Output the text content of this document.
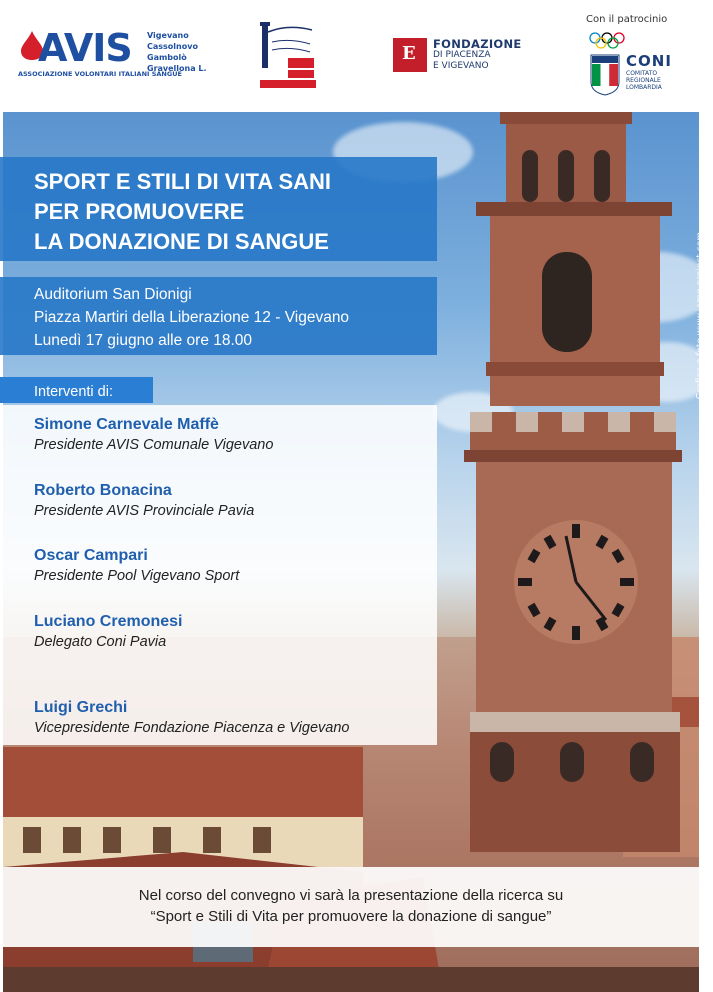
AVIS
ASSOCIAZIONE VOLONTARI ITALIANI SANGUE
Vigevano
Cassolnovo
Gambolò
Gravellona L.
E FONDAZIONE
DI PIACENZA
E VIGEVANO
Con il patrocinio
CONI
COMITATO
REGIONALE
LOMBARDIA
Grafica e foto www.iamg-project.com
SPORT E STILI DI VITA SANI
PER PROMUOVERE
LA DONAZIONE DI SANGUE
Auditorium San Dionigi
Piazza Martiri della Liberazione 12 - Vigevano
Lunedì 17 giugno alle ore 18.00
Interventi di:
Simone Carnevale Maffè
Presidente AVIS Comunale Vigevano
Roberto Bonacina
Presidente AVIS Provinciale Pavia
Oscar Campari
Presidente Pool Vigevano Sport
Luciano Cremonesi
Delegato Coni Pavia
Luigi Grechi
Vicepresidente Fondazione Piacenza e Vigevano
Nel corso del convegno vi sarà la presentazione della ricerca su
“Sport e Stili di Vita per promuovere la donazione di sangue”
